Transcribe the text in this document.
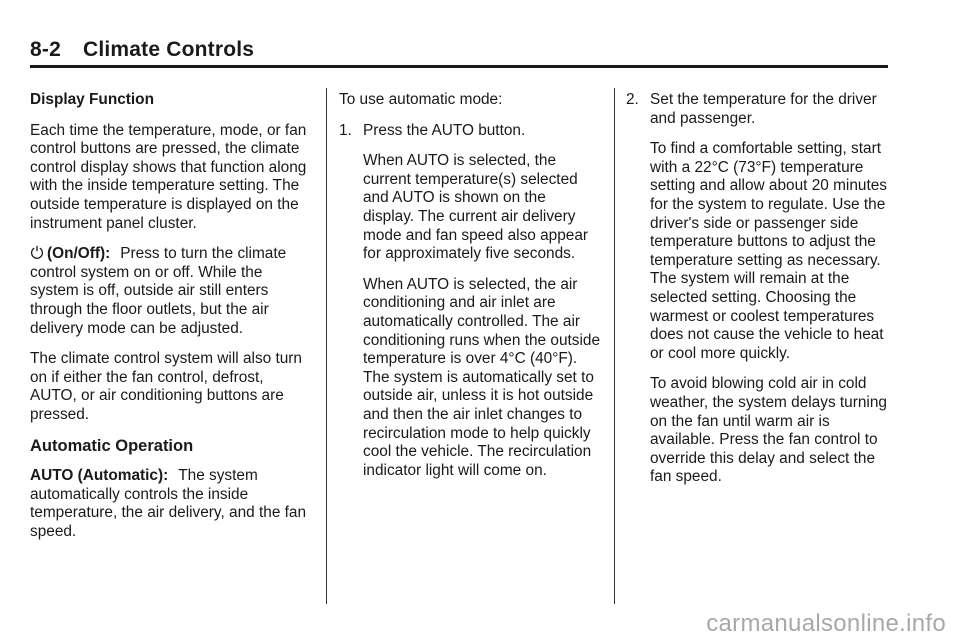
8-2 Climate Controls

Display Function

Each time the temperature, mode, or fan control buttons are pressed, the climate control display shows that function along with the inside temperature setting. The outside temperature is displayed on the instrument panel cluster.

(On/Off): Press to turn the climate control system on or off. While the system is off, outside air still enters through the floor outlets, but the air delivery mode can be adjusted.

The climate control system will also turn on if either the fan control, defrost, AUTO, or air conditioning buttons are pressed.

Automatic Operation

AUTO (Automatic): The system automatically controls the inside temperature, the air delivery, and the fan speed.

To use automatic mode:

1. Press the AUTO button.

When AUTO is selected, the current temperature(s) selected and AUTO is shown on the display. The current air delivery mode and fan speed also appear for approximately five seconds.

When AUTO is selected, the air conditioning and air inlet are automatically controlled. The air conditioning runs when the outside temperature is over 4°C (40°F). The system is automatically set to outside air, unless it is hot outside and then the air inlet changes to recirculation mode to help quickly cool the vehicle. The recirculation indicator light will come on.

2. Set the temperature for the driver and passenger.

To find a comfortable setting, start with a 22°C (73°F) temperature setting and allow about 20 minutes for the system to regulate. Use the driver's side or passenger side temperature buttons to adjust the temperature setting as necessary. The system will remain at the selected setting. Choosing the warmest or coolest temperatures does not cause the vehicle to heat or cool more quickly.

To avoid blowing cold air in cold weather, the system delays turning on the fan until warm air is available. Press the fan control to override this delay and select the fan speed.

carmanualsonline.info
